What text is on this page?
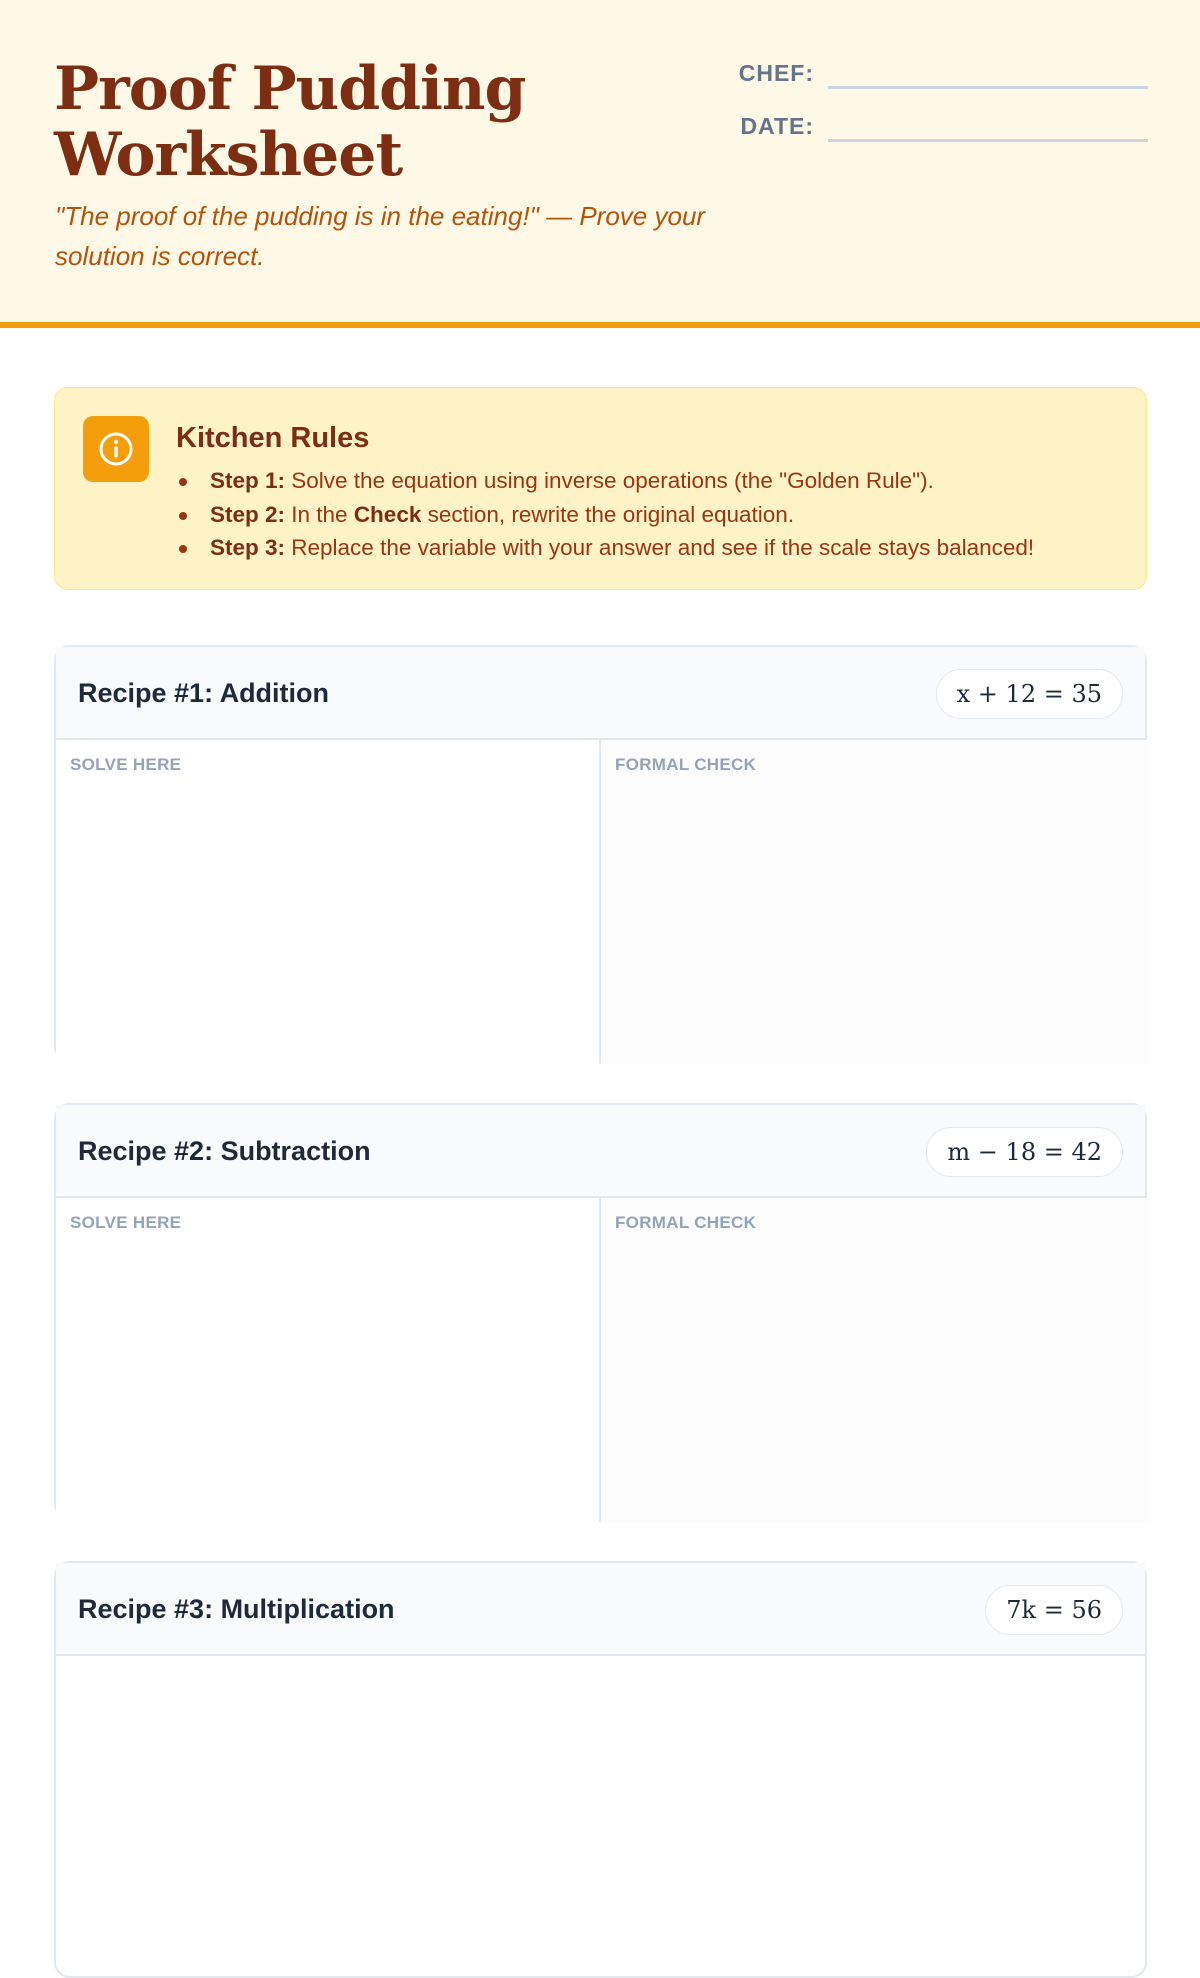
Proof Pudding Worksheet

"The proof of the pudding is in the eating!" — Prove your solution is correct.

CHEF:
DATE:
Kitchen Rules
Step 1: Solve the equation using inverse operations (the "Golden Rule").
Step 2: In the Check section, rewrite the original equation.
Step 3: Replace the variable with your answer and see if the scale stays balanced!
Recipe #1: Addition	x + 12 = 35
SOLVE HERE	FORMAL CHECK
Recipe #2: Subtraction	m − 18 = 42
SOLVE HERE	FORMAL CHECK
Recipe #3: Multiplication	7k = 56
